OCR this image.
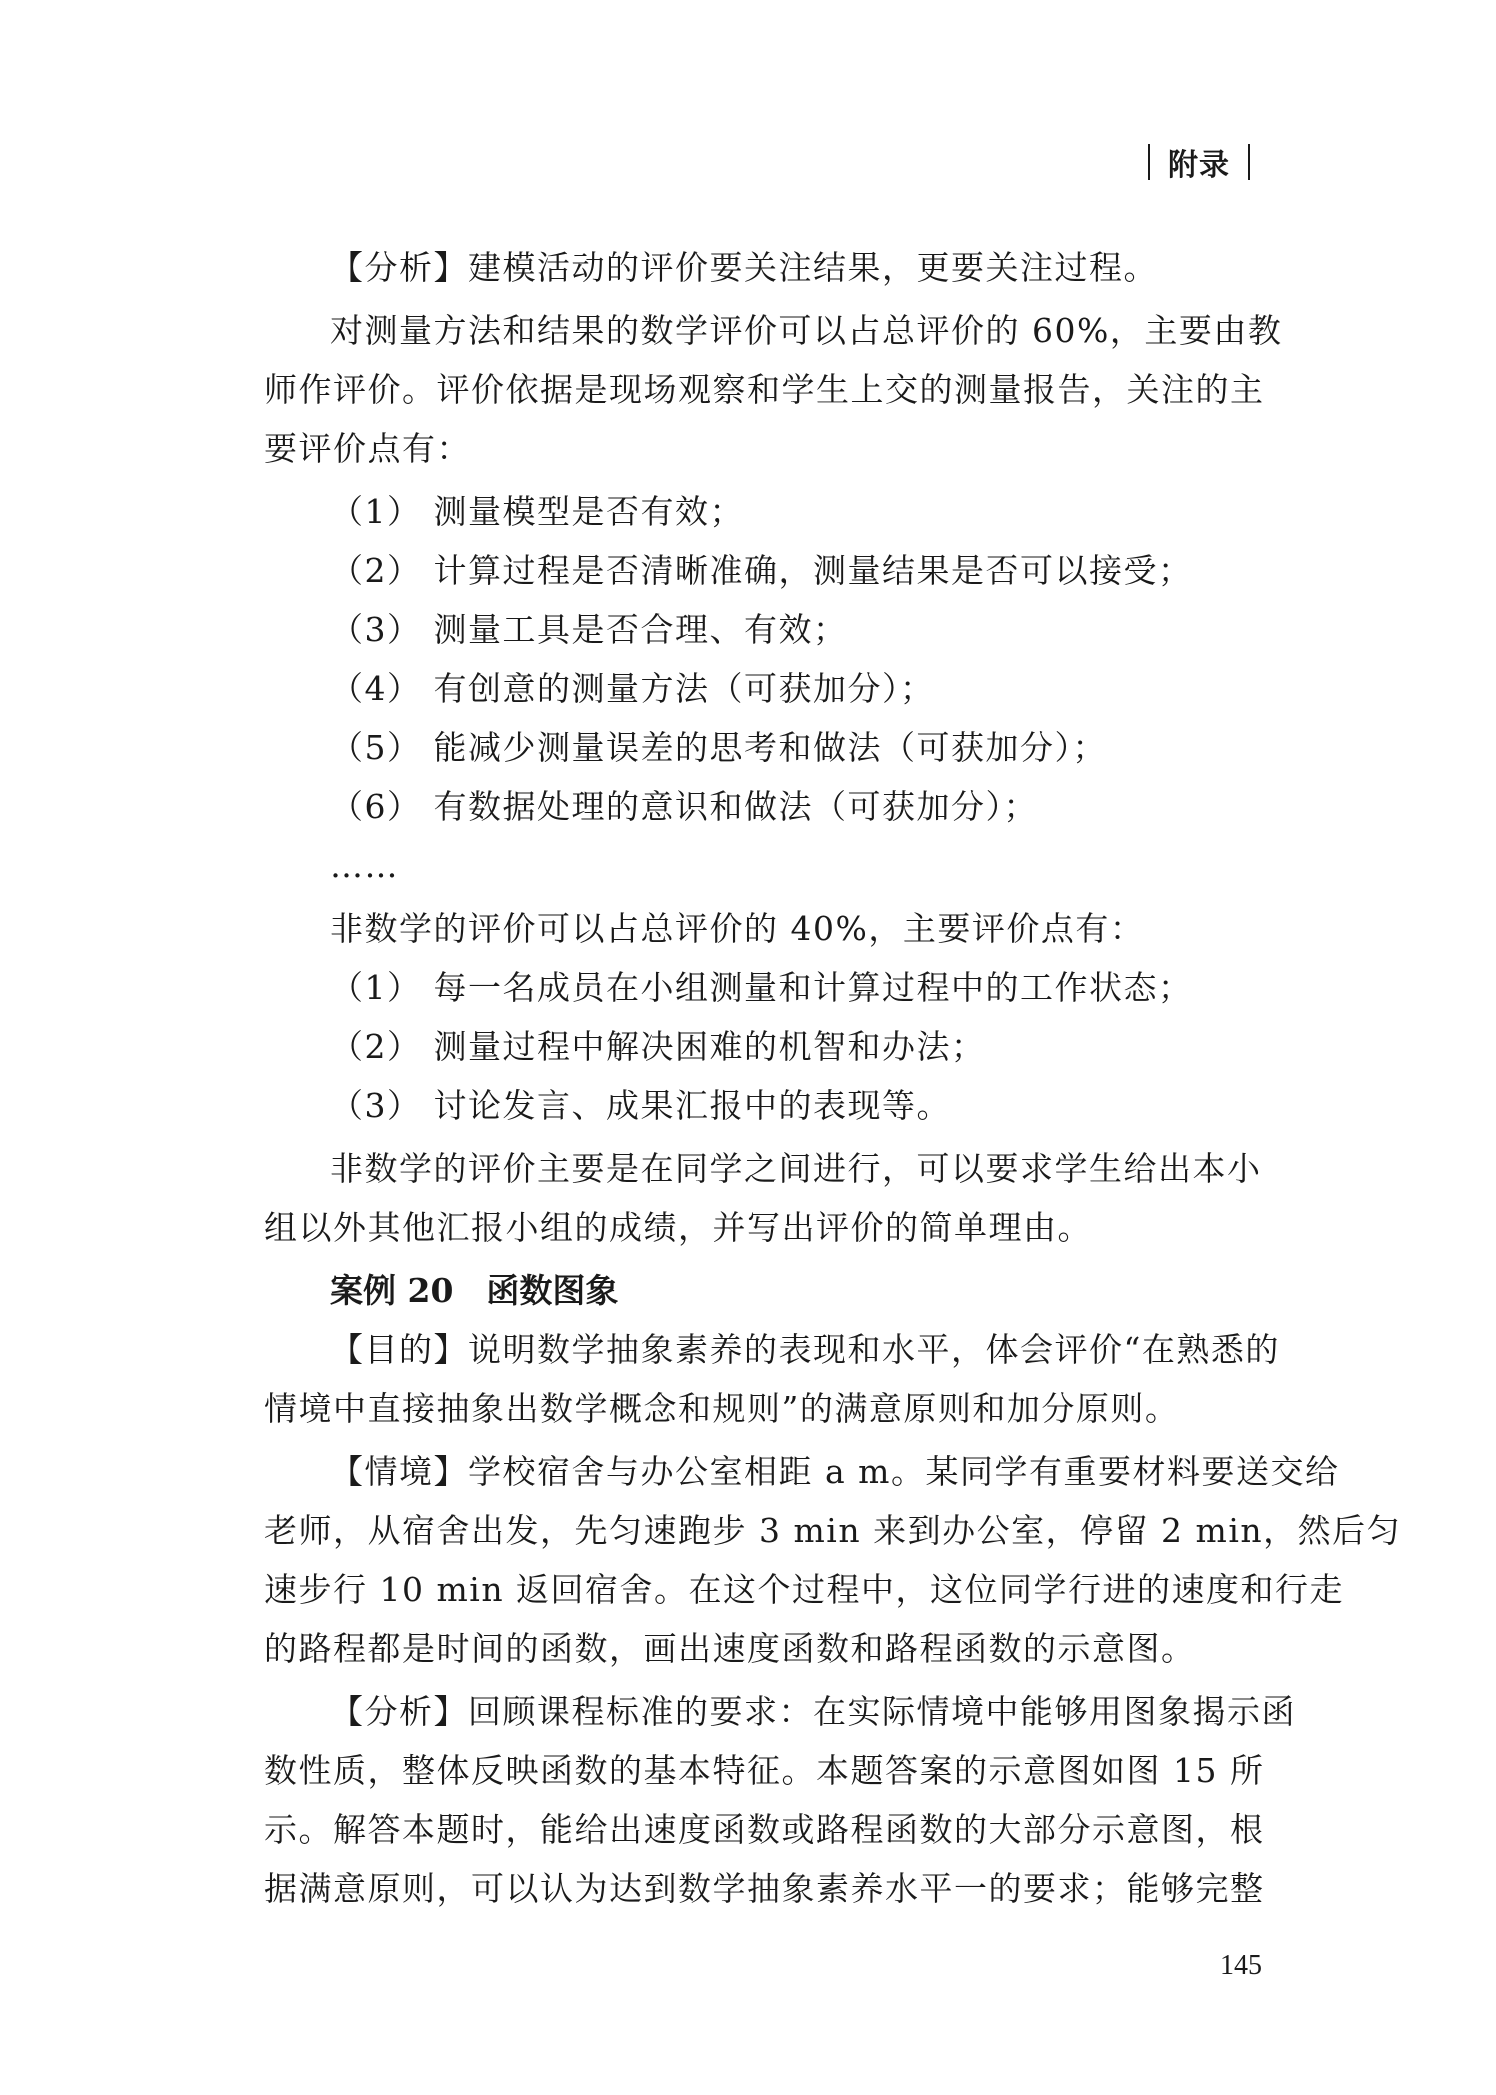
附录
【分析】建模活动的评价要关注结果，更要关注过程。
对测量方法和结果的数学评价可以占总评价的 60%，主要由教
师作评价。评价依据是现场观察和学生上交的测量报告，关注的主
要评价点有：
（1） 测量模型是否有效；
（2） 计算过程是否清晰准确，测量结果是否可以接受；
（3） 测量工具是否合理、有效；
（4） 有创意的测量方法（可获加分）；
（5） 能减少测量误差的思考和做法（可获加分）；
（6） 有数据处理的意识和做法（可获加分）；
……
非数学的评价可以占总评价的 40%，主要评价点有：
（1） 每一名成员在小组测量和计算过程中的工作状态；
（2） 测量过程中解决困难的机智和办法；
（3） 讨论发言、成果汇报中的表现等。
非数学的评价主要是在同学之间进行，可以要求学生给出本小
组以外其他汇报小组的成绩，并写出评价的简单理由。
案例 20　函数图象
【目的】说明数学抽象素养的表现和水平，体会评价“在熟悉的
情境中直接抽象出数学概念和规则”的满意原则和加分原则。
【情境】学校宿舍与办公室相距 a m。某同学有重要材料要送交给
老师，从宿舍出发，先匀速跑步 3 min 来到办公室，停留 2 min，然后匀
速步行 10 min 返回宿舍。在这个过程中，这位同学行进的速度和行走
的路程都是时间的函数，画出速度函数和路程函数的示意图。
【分析】回顾课程标准的要求：在实际情境中能够用图象揭示函
数性质，整体反映函数的基本特征。本题答案的示意图如图 15 所
示。解答本题时，能给出速度函数或路程函数的大部分示意图，根
据满意原则，可以认为达到数学抽象素养水平一的要求；能够完整
145
